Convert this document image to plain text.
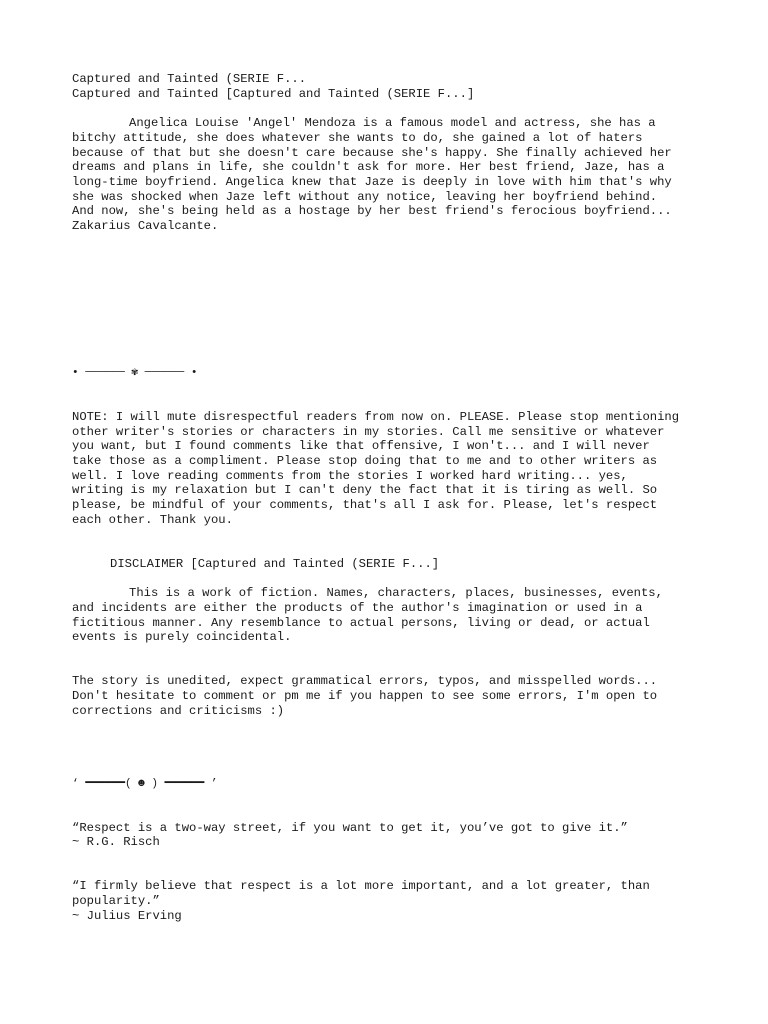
Captured and Tainted (SERIE F...
Captured and Tainted [Captured and Tainted (SERIE F...]
Angelica Louise 'Angel' Mendoza is a famous model and actress, she has a
bitchy attitude, she does whatever she wants to do, she gained a lot of haters
because of that but she doesn't care because she's happy. She finally achieved her
dreams and plans in life, she couldn't ask for more. Her best friend, Jaze, has a
long-time boyfriend. Angelica knew that Jaze is deeply in love with him that's why
she was shocked when Jaze left without any notice, leaving her boyfriend behind.
And now, she's being held as a hostage by her best friend's ferocious boyfriend...
Zakarius Cavalcante.
• ────── ✾ ────── •
NOTE: I will mute disrespectful readers from now on. PLEASE. Please stop mentioning
other writer's stories or characters in my stories. Call me sensitive or whatever
you want, but I found comments like that offensive, I won't... and I will never
take those as a compliment. Please stop doing that to me and to other writers as
well. I love reading comments from the stories I worked hard writing... yes,
writing is my relaxation but I can't deny the fact that it is tiring as well. So
please, be mindful of your comments, that's all I ask for. Please, let's respect
each other. Thank you.
DISCLAIMER [Captured and Tainted (SERIE F...]
This is a work of fiction. Names, characters, places, businesses, events,
and incidents are either the products of the author's imagination or used in a
fictitious manner. Any resemblance to actual persons, living or dead, or actual
events is purely coincidental.
The story is unedited, expect grammatical errors, typos, and misspelled words...
Don't hesitate to comment or pm me if you happen to see some errors, I'm open to
corrections and criticisms :)
‘ ━━━━━━( ☻ ) ━━━━━━ ’
“Respect is a two-way street, if you want to get it, you’ve got to give it.”
~ R.G. Risch
“I firmly believe that respect is a lot more important, and a lot greater, than
popularity.”
~ Julius Erving
